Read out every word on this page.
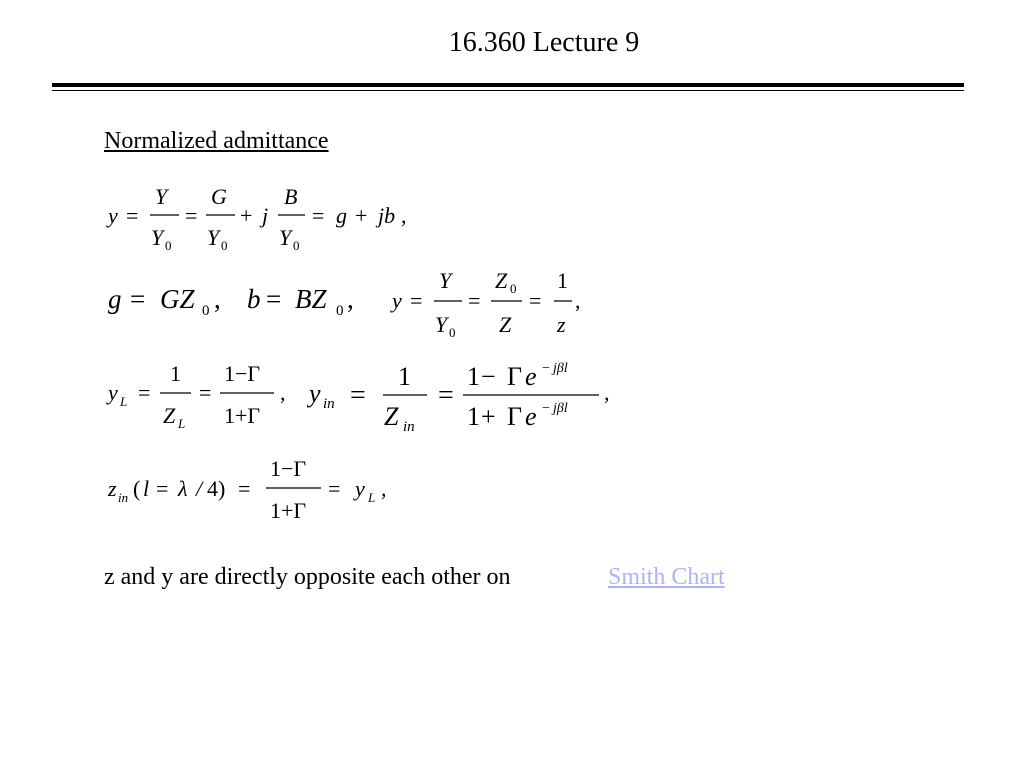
16.360 Lecture 9
Normalized admittance
y =
Y
Y 0
=
G
Y 0
+ j
B
Y 0
= g + jb ,
g = GZ 0 , b = BZ 0 , y =
Y
Y 0
=
Z 0
Z
=
1
z
,
y L =
1
Z L
=
1−Γ
1+Γ
, y in =
1
Z in
=
1 − Γ e − jβl
1 + Γ e − jβl
,
z in ( l = λ / 4) =
1−Γ
1+Γ
= y L ,
z and y are directly opposite each other on	Smith Chart
